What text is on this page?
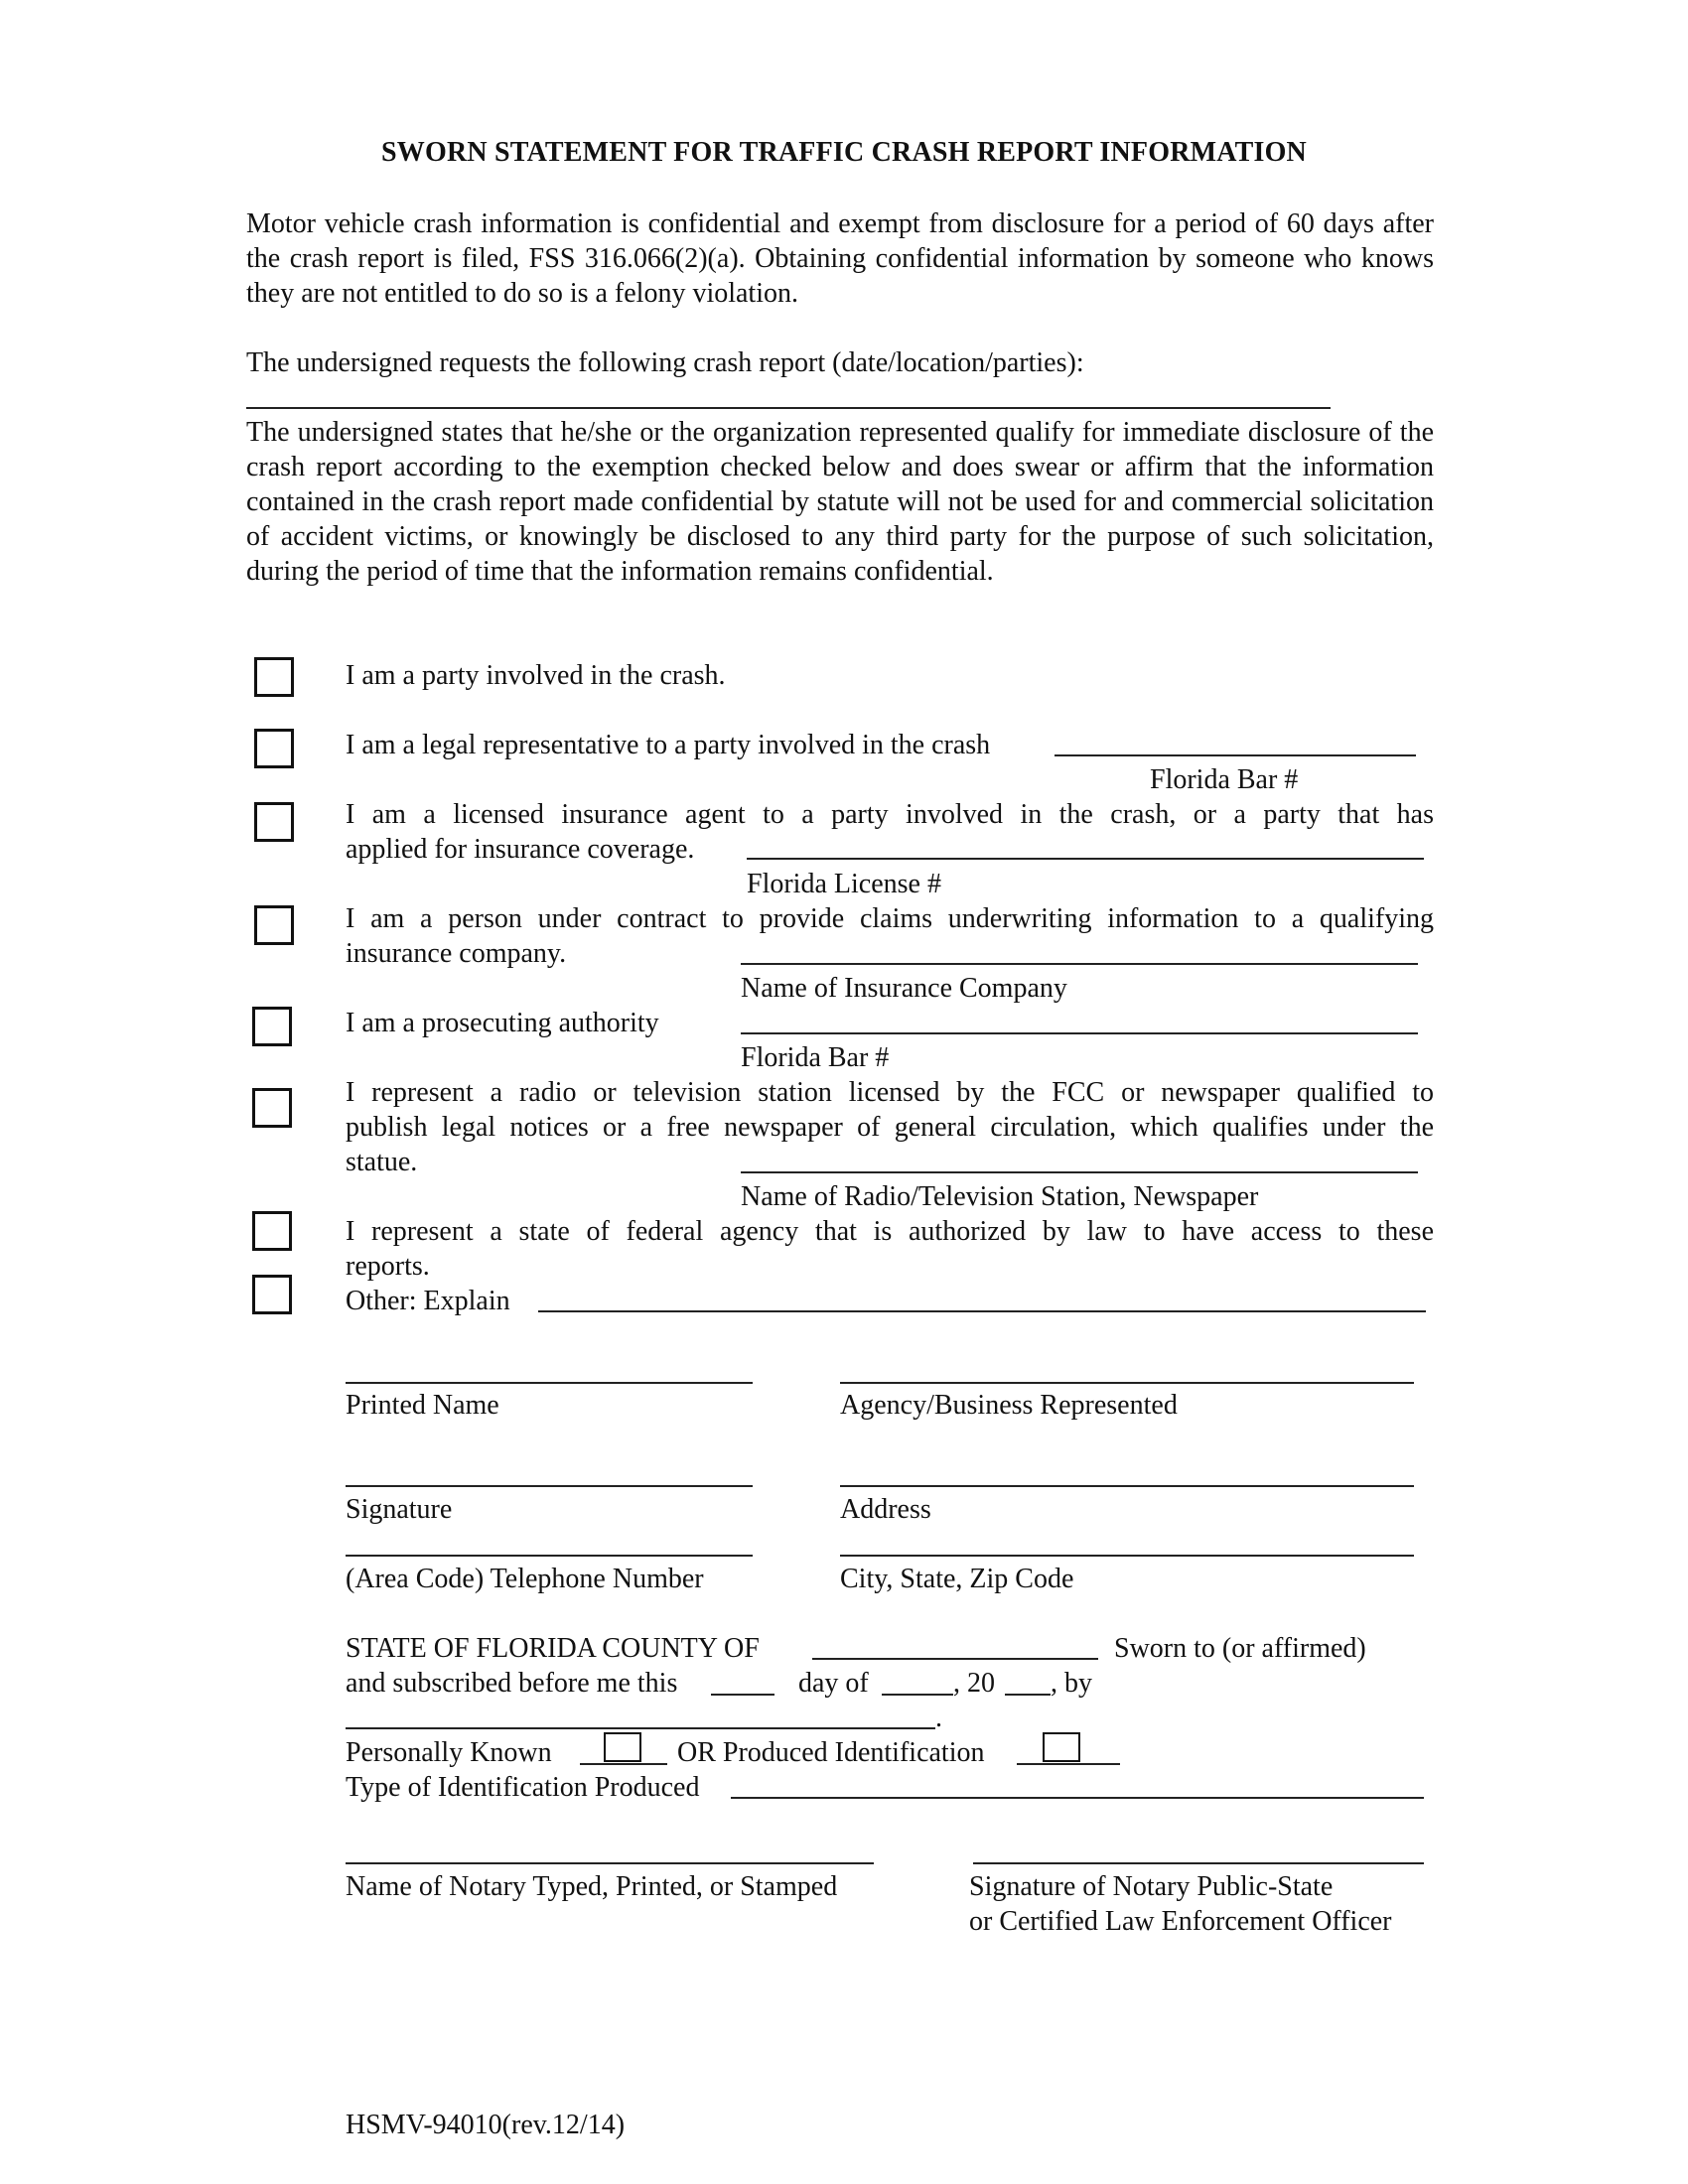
SWORN STATEMENT FOR TRAFFIC CRASH REPORT INFORMATION
Motor vehicle crash information is confidential and exempt from disclosure for a period of 60 days after the crash report is filed, FSS 316.066(2)(a). Obtaining confidential information by someone who knows they are not entitled to do so is a felony violation.
The undersigned requests the following crash report (date/location/parties):
The undersigned states that he/she or the organization represented qualify for immediate disclosure of the crash report according to the exemption checked below and does swear or affirm that the information contained in the crash report made confidential by statute will not be used for and commercial solicitation of accident victims, or knowingly be disclosed to any third party for the purpose of such solicitation, during the period of time that the information remains confidential.
I am a party involved in the crash.
I am a legal representative to a party involved in the crash
Florida Bar #
I am a licensed insurance agent to a party involved in the crash, or a party that has
applied for insurance coverage.
Florida License #
I am a person under contract to provide claims underwriting information to a qualifying
insurance company.
Name of Insurance Company
I am a prosecuting authority
Florida Bar #
I represent a radio or television station licensed by the FCC or newspaper qualified to
publish legal notices or a free newspaper of general circulation, which qualifies under the
statue.
Name of Radio/Television Station, Newspaper
I represent a state of federal agency that is authorized by law to have access to these
reports.
Other: Explain
Printed Name	Agency/Business Represented
Signature	Address
(Area Code) Telephone Number	City, State, Zip Code
STATE OF FLORIDA COUNTY OF	Sworn to (or affirmed)
and subscribed before me this	day of	, 20 , by
.
Personally Known	OR Produced Identification
Type of Identification Produced
Name of Notary Typed, Printed, or Stamped	Signature of Notary Public-State
or Certified Law Enforcement Officer
HSMV-94010(rev.12/14)
